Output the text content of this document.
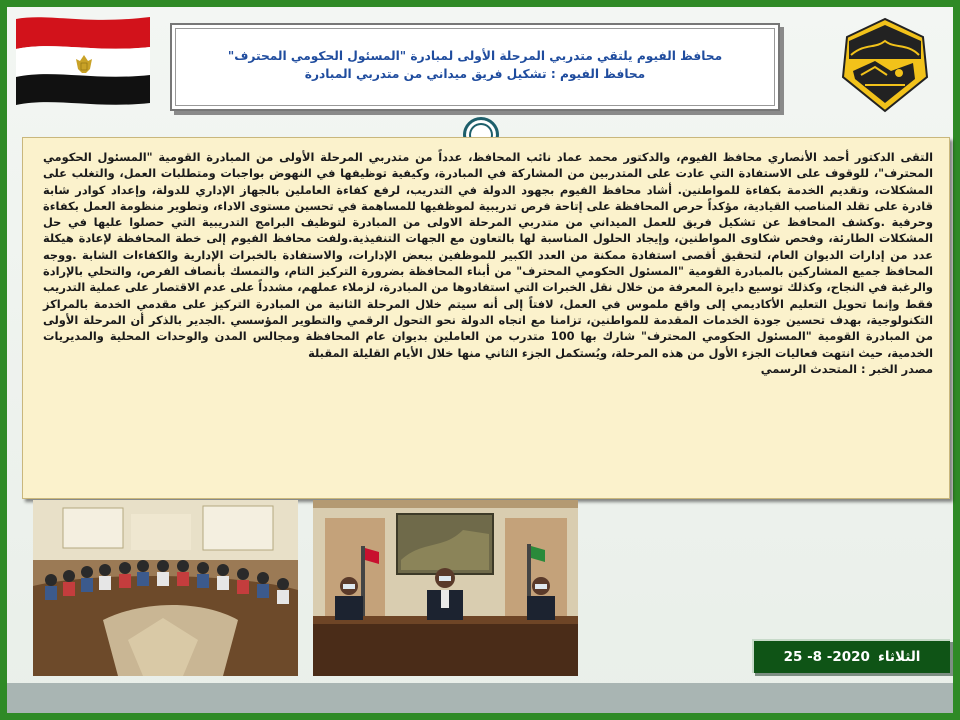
محافظ الفيوم يلتقي متدربي المرحلة الأولى لمبادرة "المسئول الحكومي المحترف"
محافظ الفيوم : تشكيل فريق ميداني من متدربي المبادرة
التقى الدكتور أحمد الأنصاري محافظ الفيوم، والدكتور محمد عماد نائب المحافظ، عدداً من متدربي المرحلة الأولى من المبادرة القومية "المسئول الحكومي المحترف"، للوقوف على الاستفادة التي عادت على المتدربين من المشاركة في المبادرة، وكيفية توظيفها في النهوض بواجبات ومتطلبات العمل، والتغلب على المشكلات، وتقديم الخدمة بكفاءة للمواطنين. أشاد محافظ الفيوم بجهود الدولة في التدريب، لرفع كفاءة العاملين بالجهاز الإداري للدولة، وإعداد كوادر شابة قادرة على تقلد المناصب القيادية، مؤكداً حرص المحافظة على إتاحة فرص تدريبية لموظفيها للمساهمة في تحسين مستوى الاداء، وتطوير منظومة العمل بكفاءة وحرفية .وكشف المحافظ عن تشكيل فريق للعمل الميداني من متدربي المرحلة الاولى من المبادرة لتوظيف البرامج التدريبية التي حصلوا عليها في حل المشكلات الطارئة، وفحص شكاوى المواطنين، وإيجاد الحلول المناسبة لها بالتعاون مع الجهات التنفيذية.ولفت محافظ الفيوم إلى خطة المحافظة لإعادة هيكلة عدد من إدارات الديوان العام، لتحقيق أقصى استفادة ممكنة من العدد الكبير للموظفين ببعض الإدارات، والاستفادة بالخبرات الإدارية والكفاءات الشابة .ووجه المحافظ جميع المشاركين بالمبادرة القومية "المسئول الحكومي المحترف" من أبناء المحافظة بضرورة التركيز التام، والتمسك بأنصاف الفرص، والتحلي بالإرادة والرغبة في النجاح، وكذلك توسيع دايرة المعرفة من خلال نقل الخبرات التي استفادوها من المبادرة، لزملاء عملهم، مشدداً على عدم الاقتصار على عملية التدريب فقط وإنما تحويل التعليم الأكاديمي إلى واقع ملموس في العمل، لافتاً إلى أنه سيتم خلال المرحلة الثانية من المبادرة التركيز على مقدمي الخدمة بالمراكز التكنولوجية، بهدف تحسين جودة الخدمات المقدمة للمواطنين، تزامنا مع اتجاه الدولة نحو التحول الرقمي والتطوير المؤسسي .الجدير بالذكر أن المرحلة الأولى من المبادرة القومية "المسئول الحكومي المحترف" شارك بها 100 متدرب من العاملين بديوان عام المحافظة ومجالس المدن والوحدات المحلية والمديريات الخدمية، حيث انتهت فعاليات الجزء الأول من هذه المرحلة، ويُستكمل الجزء الثاني منها خلال الأيام القليلة المقبلة
مصدر الخبر : المتحدث الرسمي
الثلاثاء
25 -8 -2020
